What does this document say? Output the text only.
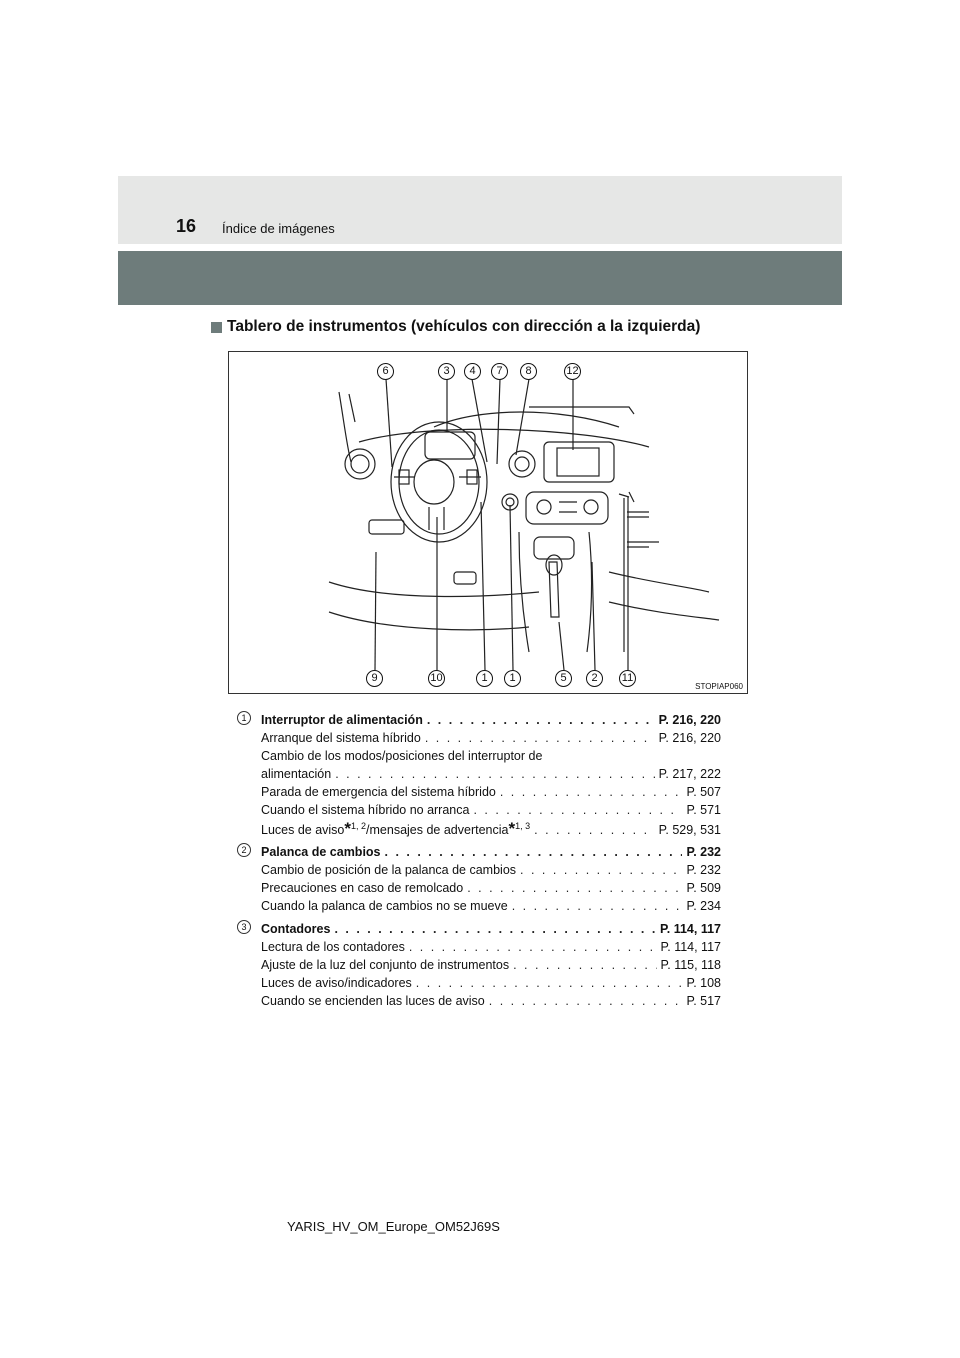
16 Índice de imágenes
Tablero de instrumentos (vehículos con dirección a la izquierda)
6	3	4	7	8	12
9	10	1	1	5	2	11
STOPIAP060
1	Interruptor de alimentación . . .	P. 216, 220
Arranque del sistema híbrido . . .	P. 216, 220
Cambio de los modos/posiciones del interruptor de
alimentación . . .	P. 217, 222
Parada de emergencia del sistema híbrido . . .	P. 507
Cuando el sistema híbrido no arranca . . .	P. 571
Luces de aviso*$^{1, 2}$/mensajes de advertencia*$^{1, 3}$ . . .	P. 529, 531
2	Palanca de cambios . . .	P. 232
Cambio de posición de la palanca de cambios . . .	P. 232
Precauciones en caso de remolcado . . .	P. 509
Cuando la palanca de cambios no se mueve . . .	P. 234
3	Contadores . . .	P. 114, 117
Lectura de los contadores . . .	P. 114, 117
Ajuste de la luz del conjunto de instrumentos . . .	P. 115, 118
Luces de aviso/indicadores . . .	P. 108
Cuando se encienden las luces de aviso . . .	P. 517
YARIS_HV_OM_Europe_OM52J69S
